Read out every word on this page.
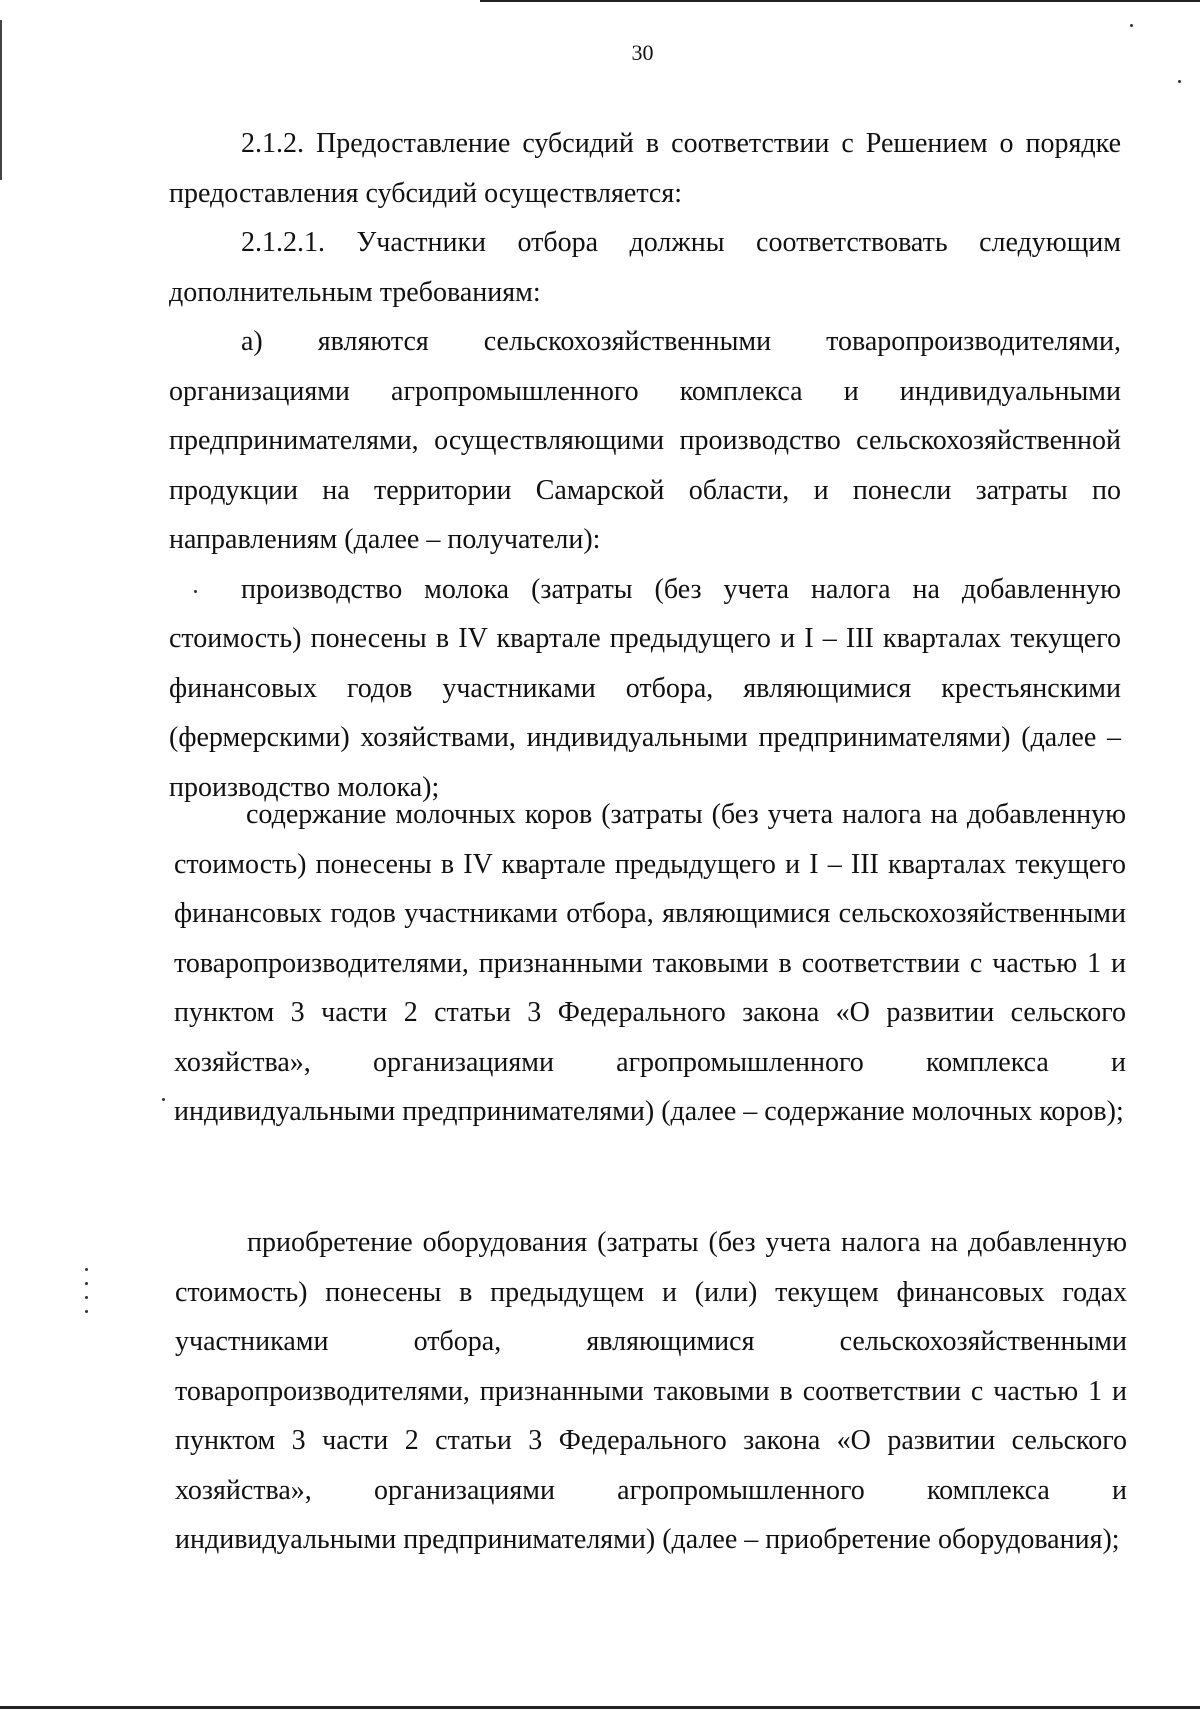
30

2.1.2. Предоставление субсидий в соответствии с Решением о порядке предоставления субсидий осуществляется:

2.1.2.1. Участники отбора должны соответствовать следующим дополнительным требованиям:

а) являются сельскохозяйственными товаропроизводителями, организациями агропромышленного комплекса и индивидуальными предпринимателями, осуществляющими производство сельскохозяйственной продукции на территории Самарской области, и понесли затраты по направлениям (далее – получатели):

производство молока (затраты (без учета налога на добавленную стоимость) понесены в IV квартале предыдущего и I – III кварталах текущего финансовых годов участниками отбора, являющимися крестьянскими (фермерскими) хозяйствами, индивидуальными предпринимателями) (далее – производство молока);

содержание молочных коров (затраты (без учета налога на добавленную стоимость) понесены в IV квартале предыдущего и I – III кварталах текущего финансовых годов участниками отбора, являющимися сельскохозяйственными товаропроизводителями, признанными таковыми в соответствии с частью 1 и пунктом 3 части 2 статьи 3 Федерального закона «О развитии сельского хозяйства», организациями агропромышленного комплекса и индивидуальными предпринимателями) (далее – содержание молочных коров);

приобретение оборудования (затраты (без учета налога на добавленную стоимость) понесены в предыдущем и (или) текущем финансовых годах участниками отбора, являющимися сельскохозяйственными товаропроизводителями, признанными таковыми в соответствии с частью 1 и пунктом 3 части 2 статьи 3 Федерального закона «О развитии сельского хозяйства», организациями агропромышленного комплекса и индивидуальными предпринимателями) (далее – приобретение оборудования);
